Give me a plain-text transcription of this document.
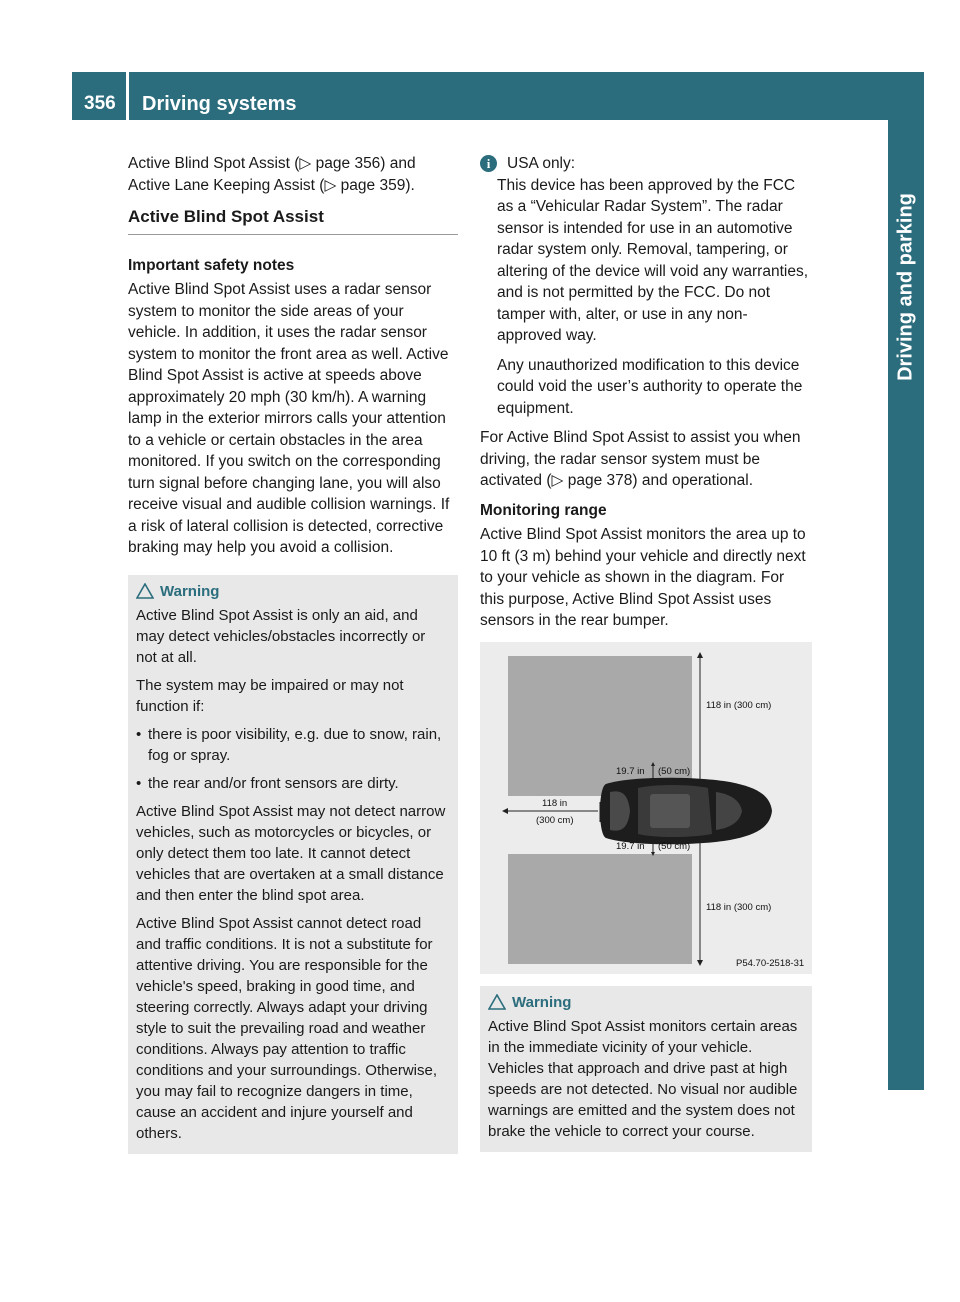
356	Driving systems
Driving and parking

Active Blind Spot Assist (▷ page 356) and Active Lane Keeping Assist (▷ page 359).

Active Blind Spot Assist
Important safety notes

Active Blind Spot Assist uses a radar sensor system to monitor the side areas of your vehicle. In addition, it uses the radar sensor system to monitor the front area as well. Active Blind Spot Assist is active at speeds above approximately 20 mph (30 km/h). A warning lamp in the exterior mirrors calls your attention to a vehicle or certain obstacles in the area monitored. If you switch on the corresponding turn signal before changing lane, you will also receive visual and audible collision warnings. If a risk of lateral collision is detected, corrective braking may help you avoid a collision.

Warning

Active Blind Spot Assist is only an aid, and may detect vehicles/obstacles incorrectly or not at all.

The system may be impaired or may not function if:

• there is poor visibility, e.g. due to snow, rain, fog or spray.
• the rear and/or front sensors are dirty.

Active Blind Spot Assist may not detect narrow vehicles, such as motorcycles or bicycles, or only detect them too late. It cannot detect vehicles that are overtaken at a small distance and then enter the blind spot area.

Active Blind Spot Assist cannot detect road and traffic conditions. It is not a substitute for attentive driving. You are responsible for the vehicle's speed, braking in good time, and steering correctly. Always adapt your driving style to suit the prevailing road and weather conditions. Always pay attention to traffic conditions and your surroundings. Otherwise, you may fail to recognize dangers in time, cause an accident and injure yourself and others.

i	USA only:

This device has been approved by the FCC as a “Vehicular Radar System”. The radar sensor is intended for use in an automotive radar system only. Removal, tampering, or altering of the device will void any warranties, and is not permitted by the FCC. Do not tamper with, alter, or use in any non-approved way.

Any unauthorized modification to this device could void the user’s authority to operate the equipment.

For Active Blind Spot Assist to assist you when driving, the radar sensor system must be activated (▷ page 378) and operational.

Monitoring range

Active Blind Spot Assist monitors the area up to 10 ft (3 m) behind your vehicle and directly next to your vehicle as shown in the diagram. For this purpose, Active Blind Spot Assist uses sensors in the rear bumper.

118 in (300 cm)
19.7 in (50 cm)
118 in
(300 cm)
19.7 in (50 cm)
118 in (300 cm)
P54.70-2518-31
Warning

Active Blind Spot Assist monitors certain areas in the immediate vicinity of your vehicle. Vehicles that approach and drive past at high speeds are not detected. No visual nor audible warnings are emitted and the system does not brake the vehicle to correct your course.
